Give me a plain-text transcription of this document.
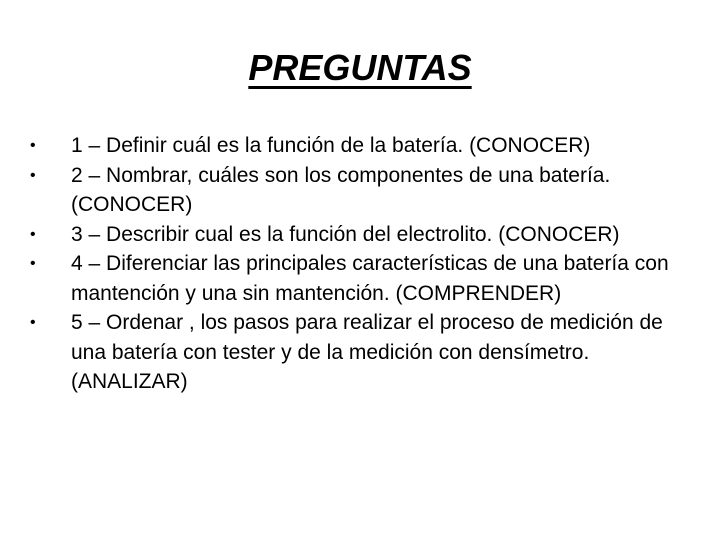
PREGUNTAS
•	1 – Definir cuál es la función de la batería. (CONOCER)
•	2 – Nombrar, cuáles son los componentes de una batería. (CONOCER)
•	3 – Describir cual es la función del electrolito. (CONOCER)
•	4 – Diferenciar las principales características de una batería con mantención y una sin mantención. (COMPRENDER)
•	5 – Ordenar , los pasos para realizar el proceso de medición de una batería con tester y de la medición con densímetro. (ANALIZAR)
